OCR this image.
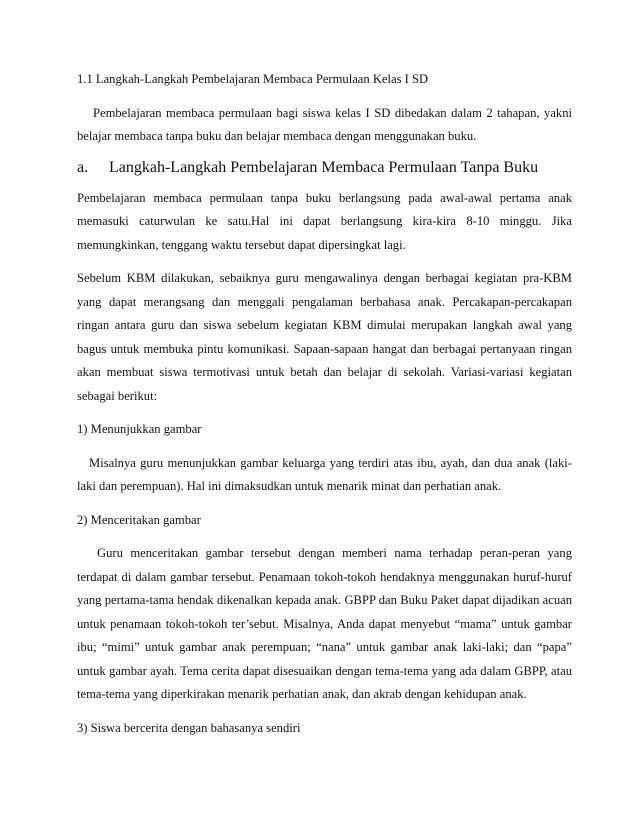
1.1 Langkah-Langkah Pembelajaran Membaca Permulaan Kelas I SD

Pembelajaran membaca permulaan bagi siswa kelas I SD dibedakan dalam 2 tahapan, yakni belajar membaca tanpa buku dan belajar membaca dengan menggunakan buku.

a.	Langkah-Langkah Pembelajaran Membaca Permulaan Tanpa Buku

Pembelajaran membaca permulaan tanpa buku berlangsung pada awal-awal pertama anak memasuki caturwulan ke satu.Hal ini dapat berlangsung kira-kira 8-10 minggu. Jika memungkinkan, tenggang waktu tersebut dapat dipersingkat lagi.

Sebelum KBM dilakukan, sebaiknya guru mengawalinya dengan berbagai kegiatan pra-KBM yang dapat merangsang dan menggali pengalaman berbahasa anak. Percakapan-percakapan ringan antara guru dan siswa sebelum kegiatan KBM dimulai merupakan langkah awal yang bagus untuk membuka pintu komunikasi. Sapaan-sapaan hangat dan berbagai pertanyaan ringan akan membuat siswa termotivasi untuk betah dan belajar di sekolah. Variasi-variasi kegiatan sebagai berikut:

1) Menunjukkan gambar

Misalnya guru menunjukkan gambar keluarga yang terdiri atas ibu, ayah, dan dua anak (laki-laki dan perempuan). Hal ini dimaksudkan untuk menarik minat dan perhatian anak.

2) Menceritakan gambar

Guru menceritakan gambar tersebut dengan memberi nama terhadap peran-peran yang terdapat di dalam gambar tersebut. Penamaan tokoh-tokoh hendaknya menggunakan huruf-huruf yang pertama-tama hendak dikenalkan kepada anak. GBPP dan Buku Paket dapat dijadikan acuan untuk penamaan tokoh-tokoh ter’sebut. Misalnya, Anda dapat menyebut “mama” untuk gambar ibu; “mimi” untuk gambar anak perempuan; “nana” untuk gambar anak laki-laki; dan “papa” untuk gambar ayah. Tema cerita dapat disesuaikan dengan tema-tema yang ada dalam GBPP, atau tema-tema yang diperkirakan menarik perhatian anak, dan akrab dengan kehidupan anak.

3) Siswa bercerita dengan bahasanya sendiri
